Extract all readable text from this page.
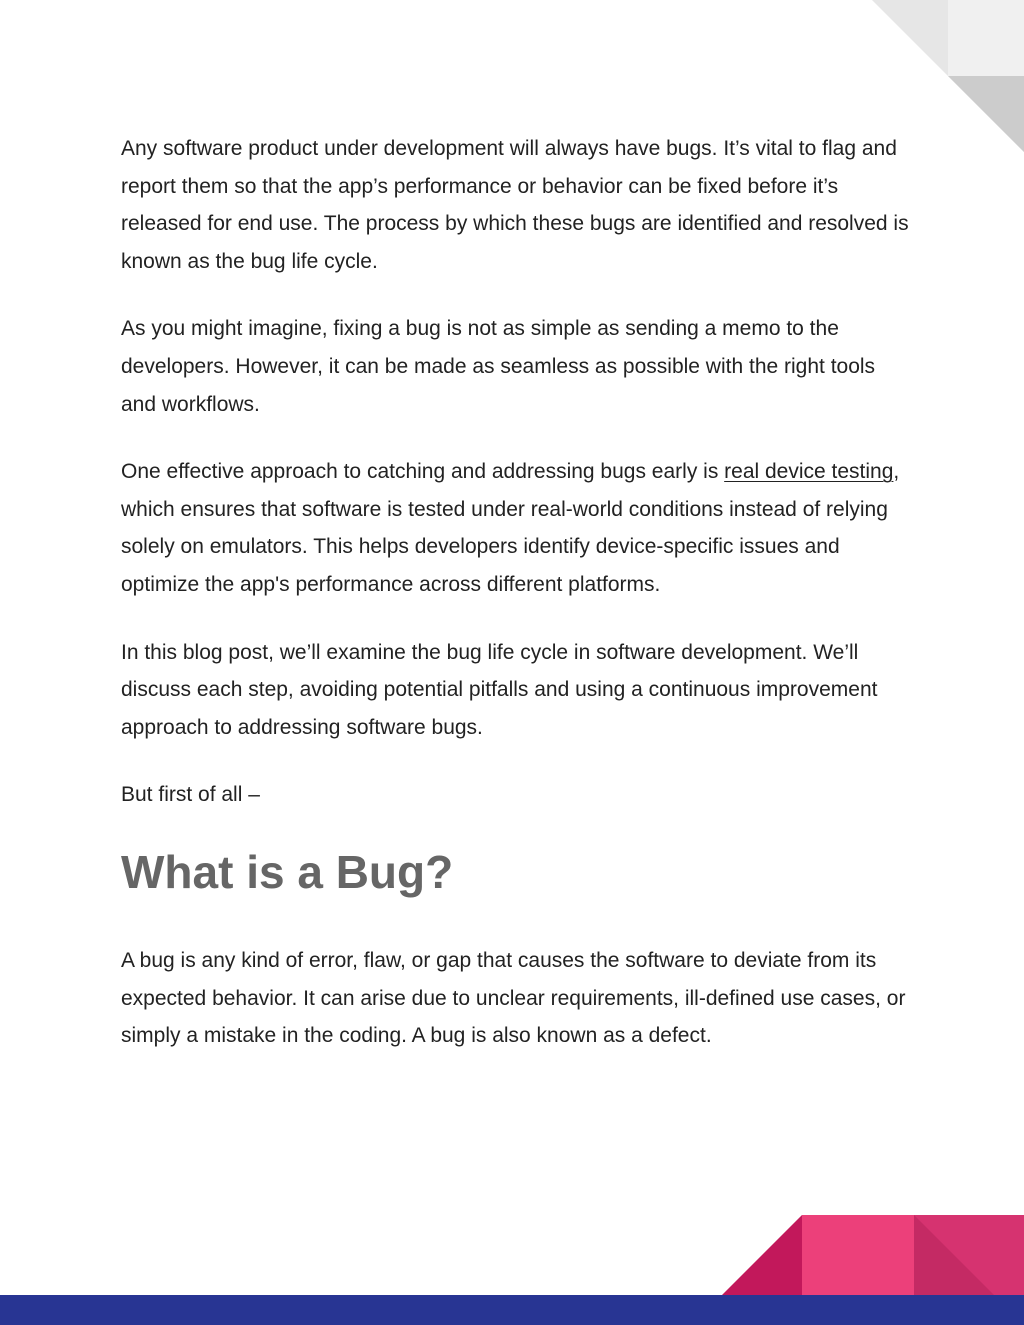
Any software product under development will always have bugs. It’s vital to flag and report them so that the app’s performance or behavior can be fixed before it’s released for end use. The process by which these bugs are identified and resolved is known as the bug life cycle.

As you might imagine, fixing a bug is not as simple as sending a memo to the developers. However, it can be made as seamless as possible with the right tools and workflows.

One effective approach to catching and addressing bugs early is real device testing, which ensures that software is tested under real-world conditions instead of relying solely on emulators. This helps developers identify device-specific issues and optimize the app's performance across different platforms.

In this blog post, we’ll examine the bug life cycle in software development. We’ll discuss each step, avoiding potential pitfalls and using a continuous improvement approach to addressing software bugs.

But first of all –

What is a Bug?

A bug is any kind of error, flaw, or gap that causes the software to deviate from its expected behavior. It can arise due to unclear requirements, ill-defined use cases, or simply a mistake in the coding. A bug is also known as a defect.
